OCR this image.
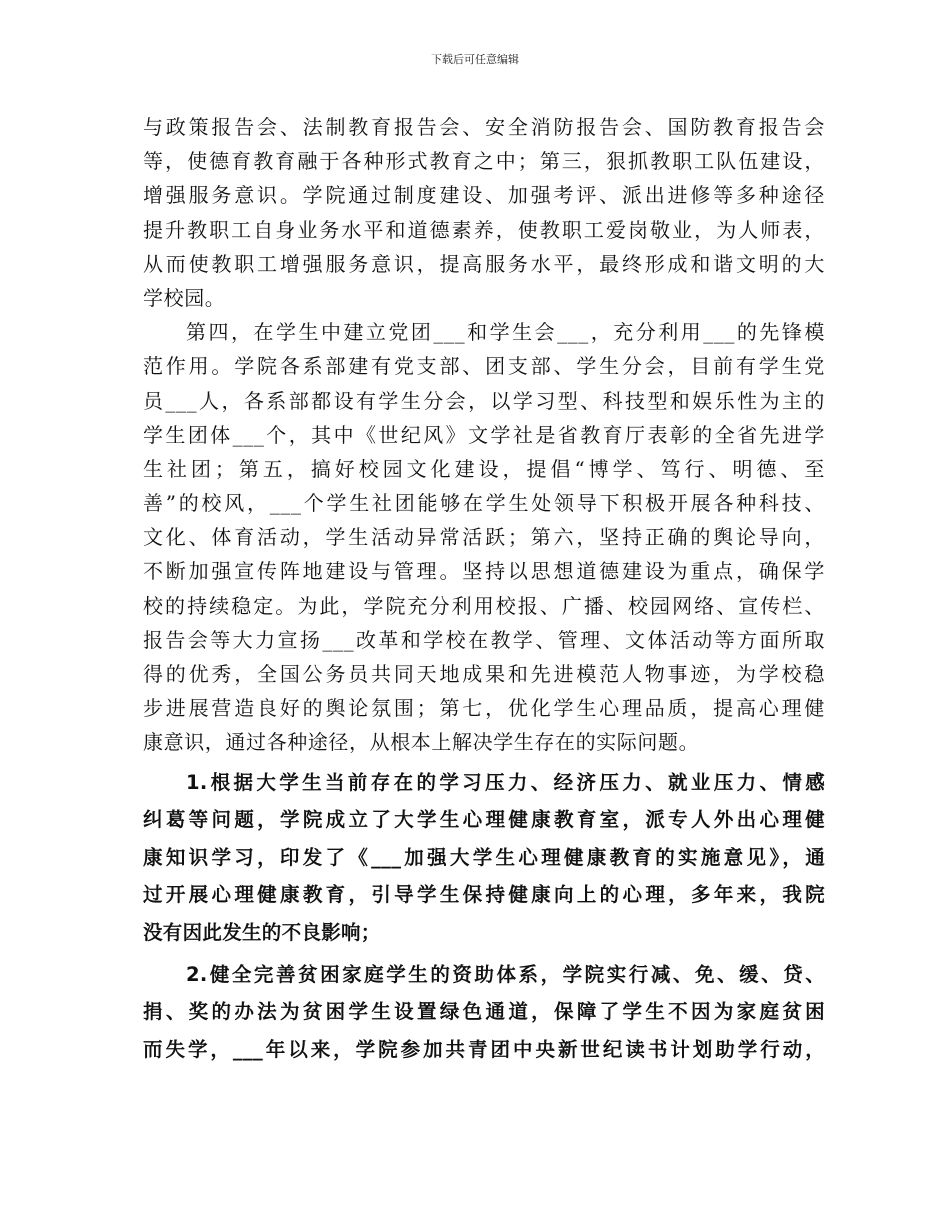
下载后可任意编辑
与政策报告会、法制教育报告会、安全消防报告会、国防教育报告会
等，使德育教育融于各种形式教育之中；第三，狠抓教职工队伍建设，
增强服务意识。学院通过制度建设、加强考评、派出进修等多种途径
提升教职工自身业务水平和道德素养，使教职工爱岗敬业，为人师表，
从而使教职工增强服务意识，提高服务水平，最终形成和谐文明的大
学校园。
第四，在学生中建立党团___和学生会___，充分利用___的先锋模
范作用。学院各系部建有党支部、团支部、学生分会，目前有学生党
员___人，各系部都设有学生分会，以学习型、科技型和娱乐性为主的
学生团体___个，其中《世纪风》文学社是省教育厅表彰的全省先进学
生社团；第五，搞好校园文化建设，提倡“博学、笃行、明德、至
善”的校风，___个学生社团能够在学生处领导下积极开展各种科技、
文化、体育活动，学生活动异常活跃；第六，坚持正确的舆论导向，
不断加强宣传阵地建设与管理。坚持以思想道德建设为重点，确保学
校的持续稳定。为此，学院充分利用校报、广播、校园网络、宣传栏、
报告会等大力宣扬___改革和学校在教学、管理、文体活动等方面所取
得的优秀，全国公务员共同天地成果和先进模范人物事迹，为学校稳
步进展营造良好的舆论氛围；第七，优化学生心理品质，提高心理健
康意识，通过各种途径，从根本上解决学生存在的实际问题。
1.根据大学生当前存在的学习压力、经济压力、就业压力、情感
纠葛等问题，学院成立了大学生心理健康教育室，派专人外出心理健
康知识学习，印发了《___加强大学生心理健康教育的实施意见》，通
过开展心理健康教育，引导学生保持健康向上的心理，多年来，我院
没有因此发生的不良影响；
2.健全完善贫困家庭学生的资助体系，学院实行减、免、缓、贷、
捐、奖的办法为贫困学生设置绿色通道，保障了学生不因为家庭贫困
而失学，___年以来，学院参加共青团中央新世纪读书计划助学行动，
